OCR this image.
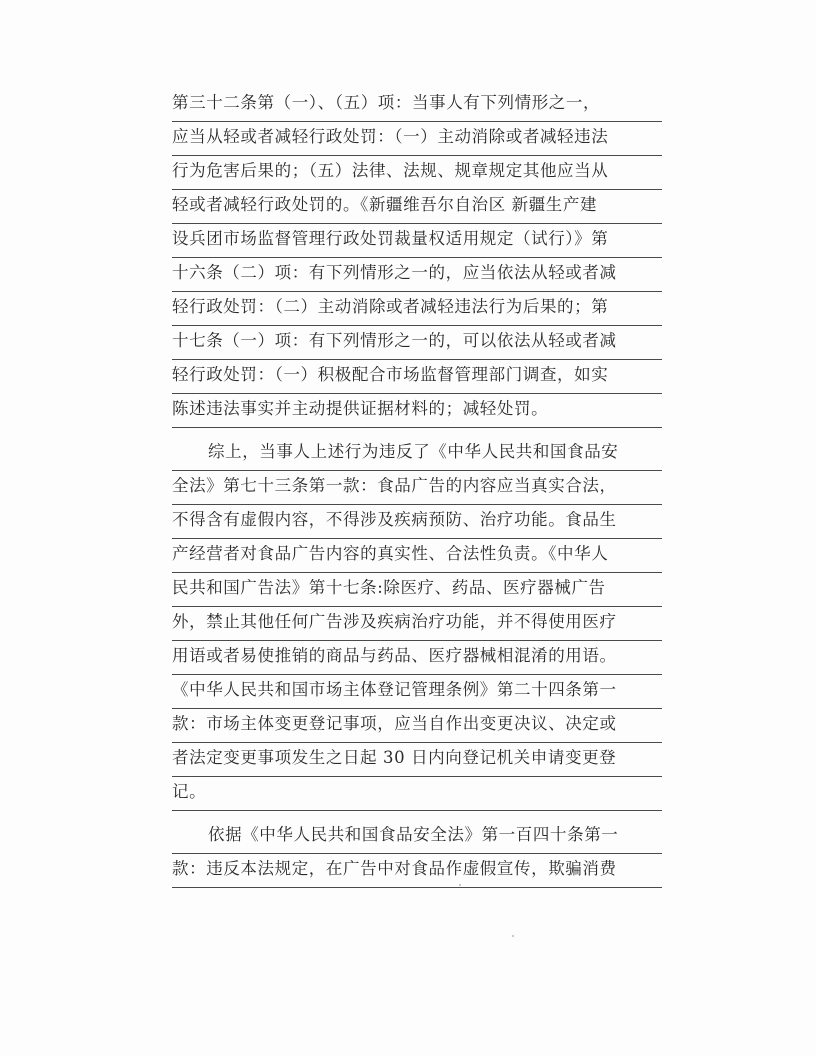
第三十二条第（一）、（五）项：当事人有下列情形之一，
应当从轻或者减轻行政处罚：（一）主动消除或者减轻违法
行为危害后果的；（五）法律、法规、规章规定其他应当从
轻或者减轻行政处罚的。《新疆维吾尔自治区 新疆生产建
设兵团市场监督管理行政处罚裁量权适用规定（试行）》第
十六条（二）项：有下列情形之一的，应当依法从轻或者减
轻行政处罚：（二）主动消除或者减轻违法行为后果的；第
十七条（一）项：有下列情形之一的，可以依法从轻或者减
轻行政处罚：（一）积极配合市场监督管理部门调查，如实
陈述违法事实并主动提供证据材料的；减轻处罚。
综上，当事人上述行为违反了《中华人民共和国食品安
全法》第七十三条第一款：食品广告的内容应当真实合法，
不得含有虚假内容，不得涉及疾病预防、治疗功能。食品生
产经营者对食品广告内容的真实性、合法性负责。《中华人
民共和国广告法》第十七条:除医疗、药品、医疗器械广告
外，禁止其他任何广告涉及疾病治疗功能，并不得使用医疗
用语或者易使推销的商品与药品、医疗器械相混淆的用语。
《中华人民共和国市场主体登记管理条例》第二十四条第一
款：市场主体变更登记事项，应当自作出变更决议、决定或
者法定变更事项发生之日起 30 日内向登记机关申请变更登
记。
依据《中华人民共和国食品安全法》第一百四十条第一
款：违反本法规定，在广告中对食品作虚假宣传，欺骗消费
